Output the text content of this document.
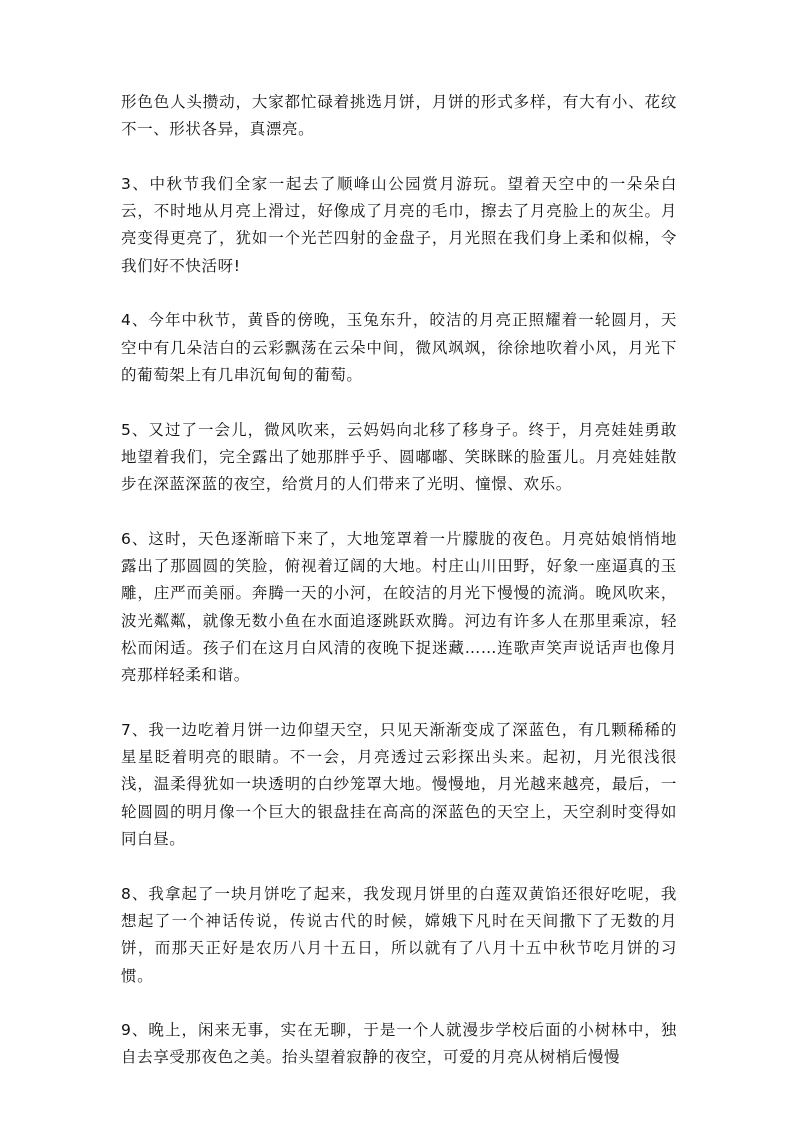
形色色人头攒动，大家都忙碌着挑选月饼，月饼的形式多样，有大有小、花纹不一、形状各异，真漂亮。

3、中秋节我们全家一起去了顺峰山公园赏月游玩。望着天空中的一朵朵白云，不时地从月亮上滑过，好像成了月亮的毛巾，擦去了月亮脸上的灰尘。月亮变得更亮了，犹如一个光芒四射的金盘子，月光照在我们身上柔和似棉，令我们好不快活呀!

4、今年中秋节，黄昏的傍晚，玉兔东升，皎洁的月亮正照耀着一轮圆月，天空中有几朵洁白的云彩飘荡在云朵中间，微风飒飒，徐徐地吹着小风，月光下的葡萄架上有几串沉甸甸的葡萄。

5、又过了一会儿，微风吹来，云妈妈向北移了移身子。终于，月亮娃娃勇敢地望着我们，完全露出了她那胖乎乎、圆嘟嘟、笑眯眯的脸蛋儿。月亮娃娃散步在深蓝深蓝的夜空，给赏月的人们带来了光明、憧憬、欢乐。

6、这时，天色逐渐暗下来了，大地笼罩着一片朦胧的夜色。月亮姑娘悄悄地露出了那圆圆的笑脸，俯视着辽阔的大地。村庄山川田野，好象一座逼真的玉雕，庄严而美丽。奔腾一天的小河，在皎洁的月光下慢慢的流淌。晚风吹来，波光粼粼，就像无数小鱼在水面追逐跳跃欢腾。河边有许多人在那里乘凉，轻松而闲适。孩子们在这月白风清的夜晚下捉迷藏……连歌声笑声说话声也像月亮那样轻柔和谐。

7、我一边吃着月饼一边仰望天空，只见天渐渐变成了深蓝色，有几颗稀稀的星星眨着明亮的眼睛。不一会，月亮透过云彩探出头来。起初，月光很浅很浅，温柔得犹如一块透明的白纱笼罩大地。慢慢地，月光越来越亮，最后，一轮圆圆的明月像一个巨大的银盘挂在高高的深蓝色的天空上，天空刹时变得如同白昼。

8、我拿起了一块月饼吃了起来，我发现月饼里的白莲双黄馅还很好吃呢，我想起了一个神话传说，传说古代的时候，嫦娥下凡时在天间撒下了无数的月饼，而那天正好是农历八月十五日，所以就有了八月十五中秋节吃月饼的习惯。

9、晚上，闲来无事，实在无聊，于是一个人就漫步学校后面的小树林中，独自去享受那夜色之美。抬头望着寂静的夜空，可爱的月亮从树梢后慢慢
